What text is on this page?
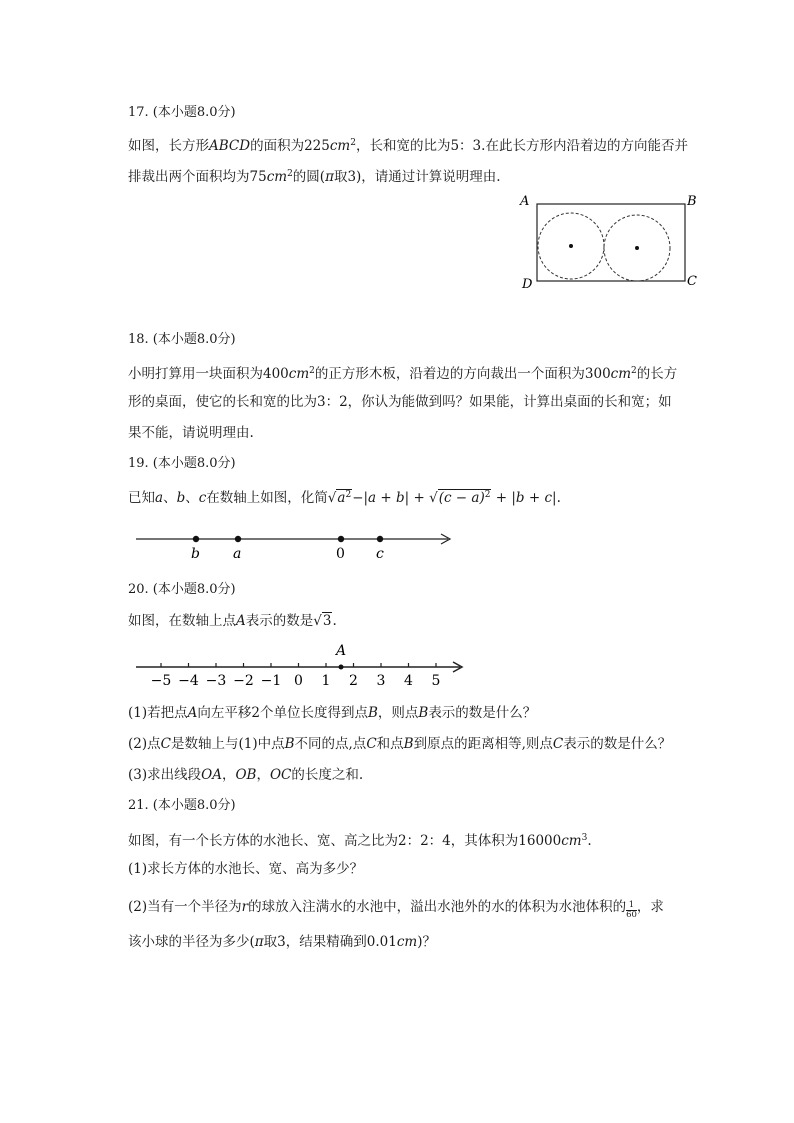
17. (本小题8.0分)
如图，长方形ABCD的面积为$225cm^2$，长和宽的比为5：3.在此长方形内沿着边的方向能否并
排裁出两个面积均为$75cm^2$的圆(π取3)，请通过计算说明理由.
A	B
D	C
18. (本小题8.0分)
小明打算用一块面积为$400cm^2$的正方形木板，沿着边的方向裁出一个面积为$300cm^2$的长方
形的桌面，使它的长和宽的比为3：2，你认为能做到吗？如果能，计算出桌面的长和宽；如
果不能，请说明理由.
19. (本小题8.0分)
已知a、b、c在数轴上如图，化简$√a^2-|a + b| + √(c - a)^2 + |b + c|$.
b a	0 c
20. (本小题8.0分)
如图，在数轴上点A表示的数是√3.
−5 −4 −3 −2 −1 0 1 2 3 4 5
A
(1)若把点A向左平移2个单位长度得到点B，则点B表示的数是什么？
(2)点C是数轴上与(1)中点B不同的点,点C和点B到原点的距离相等,则点C表示的数是什么？
(3)求出线段OA，OB，OC的长度之和.
21. (本小题8.0分)
如图，有一个长方体的水池长、宽、高之比为2：2：4，其体积为$16000cm^3$.
(1)求长方体的水池长、宽、高为多少？
(2)当有一个半径为r的球放入注满水的水池中，溢出水池外的水的体积为水池体积的 $\frac{1}{60}$ ，求
该小球的半径为多少(π取3，结果精确到0.01cm)？
